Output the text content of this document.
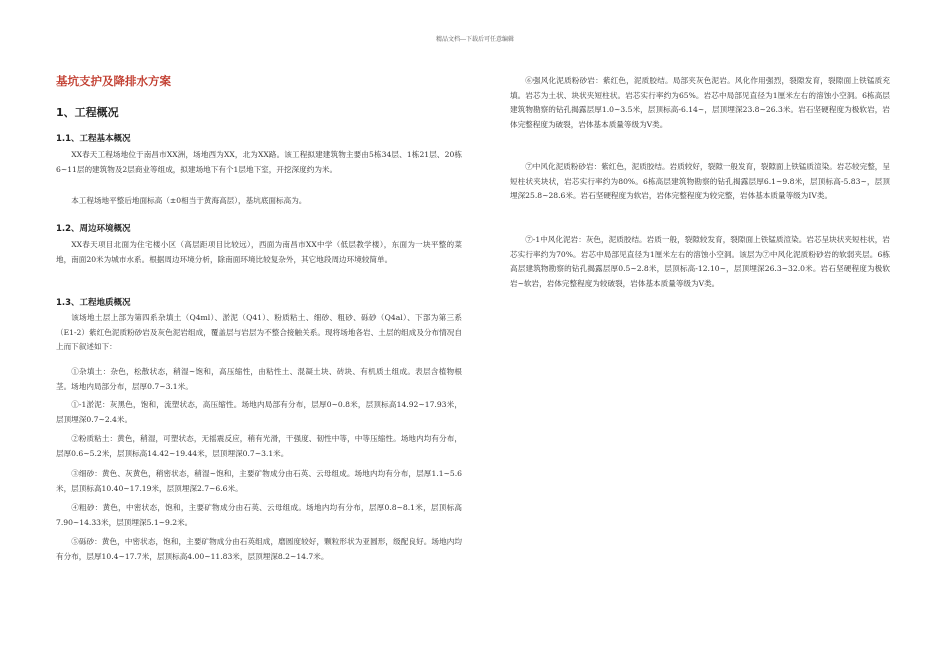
精品文档---下载后可任意编辑
基坑支护及降排水方案
1、工程概况
1.1、工程基本概况

XX春天工程场地位于南昌市XX洲，场地西为XX，北为XX路。该工程拟建建筑物主要由5栋34层、1栋21层、20栋6~11层的建筑物及2层商业等组成，拟建场地下有个1层地下室，开挖深度约为米。

本工程场地平整后地面标高（±0相当于黄海高层），基坑底面标高为。

1.2、周边环境概况

XX春天项目北面为住宅楼小区（高层距项目比较远），西面为南昌市XX中学（低层教学楼），东面为一块平整的菜地，南面20米为城市水系。根据周边环境分析，除南面环境比较复杂外，其它地段周边环境较简单。

1.3、工程地质概况

该场地土层上部为第四系杂填土（Q4ml）、淤泥（Q41）、粉质粘土、细砂、粗砂、砾砂（Q4al）、下部为第三系（E1-2）紫红色泥质粉砂岩及灰色泥岩组成，覆盖层与岩层为不整合接触关系。现将场地各岩、土层的组成及分布情况自上而下叙述如下：

①杂填土：杂色，松散状态，稍湿~饱和，高压缩性，由粘性土、混凝土块、砖块、有机质土组成。表层含植物根茎。场地内局部分布，层厚0.7~3.1米。

①-1淤泥：灰黑色，饱和，流塑状态，高压缩性。场地内局部有分布，层厚0~0.8米，层顶标高14.92~17.93米，层顶埋深0.7~2.4米。

②粉质粘土：黄色，稍湿，可塑状态，无摇震反应，稍有光滑，干强度、韧性中等，中等压缩性。场地内均有分布，层厚0.6~5.2米，层顶标高14.42~19.44米，层顶埋深0.7~3.1米。

③细砂：黄色、灰黄色，稍密状态，稍湿~饱和，主要矿物成分由石英、云母组成。场地内均有分布，层厚1.1~5.6米，层顶标高10.40~17.19米，层顶埋深2.7~6.6米。

④粗砂：黄色，中密状态，饱和，主要矿物成分由石英、云母组成。场地内均有分布，层厚0.8~8.1米，层顶标高7.90~14.33米，层顶埋深5.1~9.2米。

⑤砾砂：黄色，中密状态，饱和，主要矿物成分由石英组成，磨圆度较好，颗粒形状为亚圆形，级配良好。场地内均有分布，层厚10.4~17.7米，层顶标高4.00~11.83米，层顶埋深8.2~14.7米。

⑥强风化泥质粉砂岩：紫红色，泥质胶结。局部夹灰色泥岩。风化作用强烈，裂隙发育，裂隙面上铁锰质充填。岩芯为土状、块状夹短柱状。岩芯实行率约为65%。岩芯中局部见直径为1厘米左右的溶蚀小空洞。6栋高层建筑物勘察的钻孔揭露层厚1.0~3.5米，层顶标高-6.14~，层顶埋深23.8~26.3米。岩石坚硬程度为极软岩，岩体完整程度为破裂，岩体基本质量等级为V类。

⑦中风化泥质粉砂岩：紫红色，泥质胶结。岩质较好，裂隙一般发育，裂隙面上铁锰质渲染。岩芯较完整，呈短柱状夹块状，岩芯实行率约为80%。6栋高层建筑物勘察的钻孔揭露层厚6.1~9.8米，层顶标高-5.83~，层顶埋深25.8~28.6米。岩石坚硬程度为软岩，岩体完整程度为较完整，岩体基本质量等级为IV类。

⑦-1中风化泥岩：灰色，泥质胶结。岩质一般，裂隙较发育，裂隙面上铁锰质渲染。岩芯呈块状夹短柱状，岩芯实行率约为70%。岩芯中局部见直径为1厘米左右的溶蚀小空洞。该层为⑦中风化泥质粉砂岩的软弱夹层。6栋高层建筑物勘察的钻孔揭露层厚0.5~2.8米，层顶标高-12.10~，层顶埋深26.3~32.0米。岩石坚硬程度为极软岩~软岩，岩体完整程度为较破裂，岩体基本质量等级为V类。
